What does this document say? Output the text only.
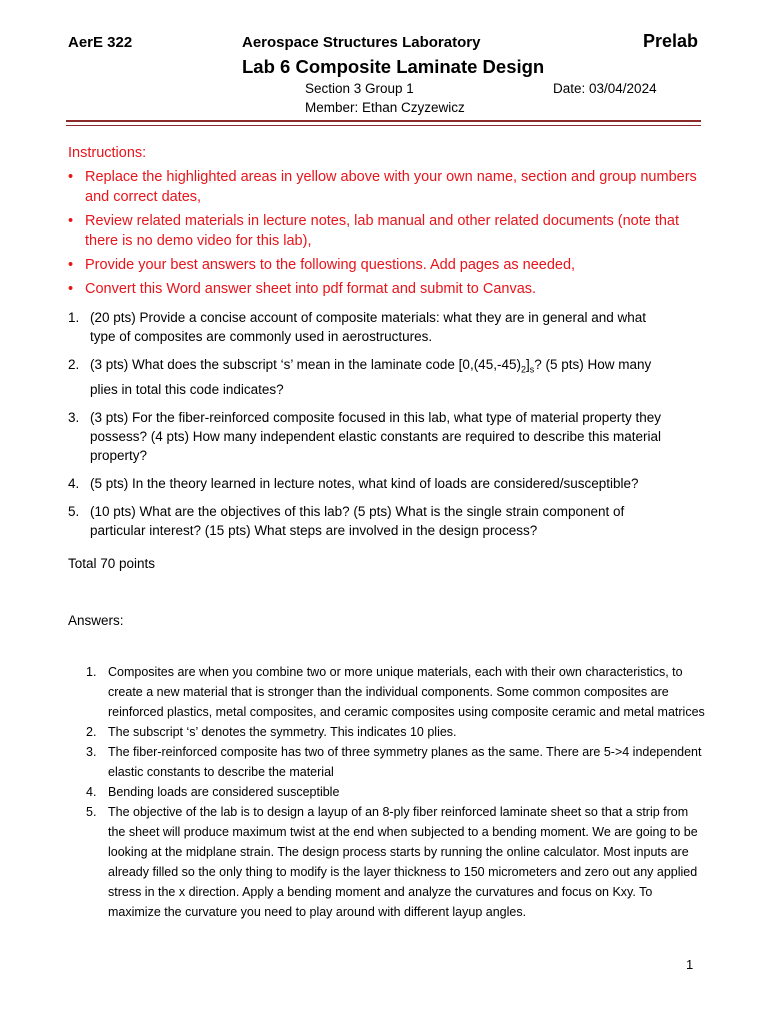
AerE 322	Aerospace Structures Laboratory	Prelab
Lab 6 Composite Laminate Design
Section 3 Group 1	Date: 03/04/2024
Member: Ethan Czyzewicz
Instructions:
• Replace the highlighted areas in yellow above with your own name, section and group numbers and correct dates,
• Review related materials in lecture notes, lab manual and other related documents (note that there is no demo video for this lab),
• Provide your best answers to the following questions. Add pages as needed,
• Convert this Word answer sheet into pdf format and submit to Canvas.
1. (20 pts) Provide a concise account of composite materials: what they are in general and what type of composites are commonly used in aerostructures.
2. (3 pts) What does the subscript ‘s’ mean in the laminate code $[0,(45,-45)_2]_s$? (5 pts) How many plies in total this code indicates?
3. (3 pts) For the fiber-reinforced composite focused in this lab, what type of material property they possess? (4 pts) How many independent elastic constants are required to describe this material property?
4. (5 pts) In the theory learned in lecture notes, what kind of loads are considered/susceptible?
5. (10 pts) What are the objectives of this lab? (5 pts) What is the single strain component of particular interest? (15 pts) What steps are involved in the design process?
Total 70 points
Answers:
1. Composites are when you combine two or more unique materials, each with their own characteristics, to create a new material that is stronger than the individual components. Some common composites are reinforced plastics, metal composites, and ceramic composites using composite ceramic and metal matrices
2. The subscript ‘s’ denotes the symmetry. This indicates 10 plies.
3. The fiber-reinforced composite has two of three symmetry planes as the same. There are 5->4 independent elastic constants to describe the material
4. Bending loads are considered susceptible
5. The objective of the lab is to design a layup of an 8-ply fiber reinforced laminate sheet so that a strip from the sheet will produce maximum twist at the end when subjected to a bending moment. We are going to be looking at the midplane strain. The design process starts by running the online calculator. Most inputs are already filled so the only thing to modify is the layer thickness to 150 micrometers and zero out any applied stress in the x direction. Apply a bending moment and analyze the curvatures and focus on Kxy. To maximize the curvature you need to play around with different layup angles.
1
